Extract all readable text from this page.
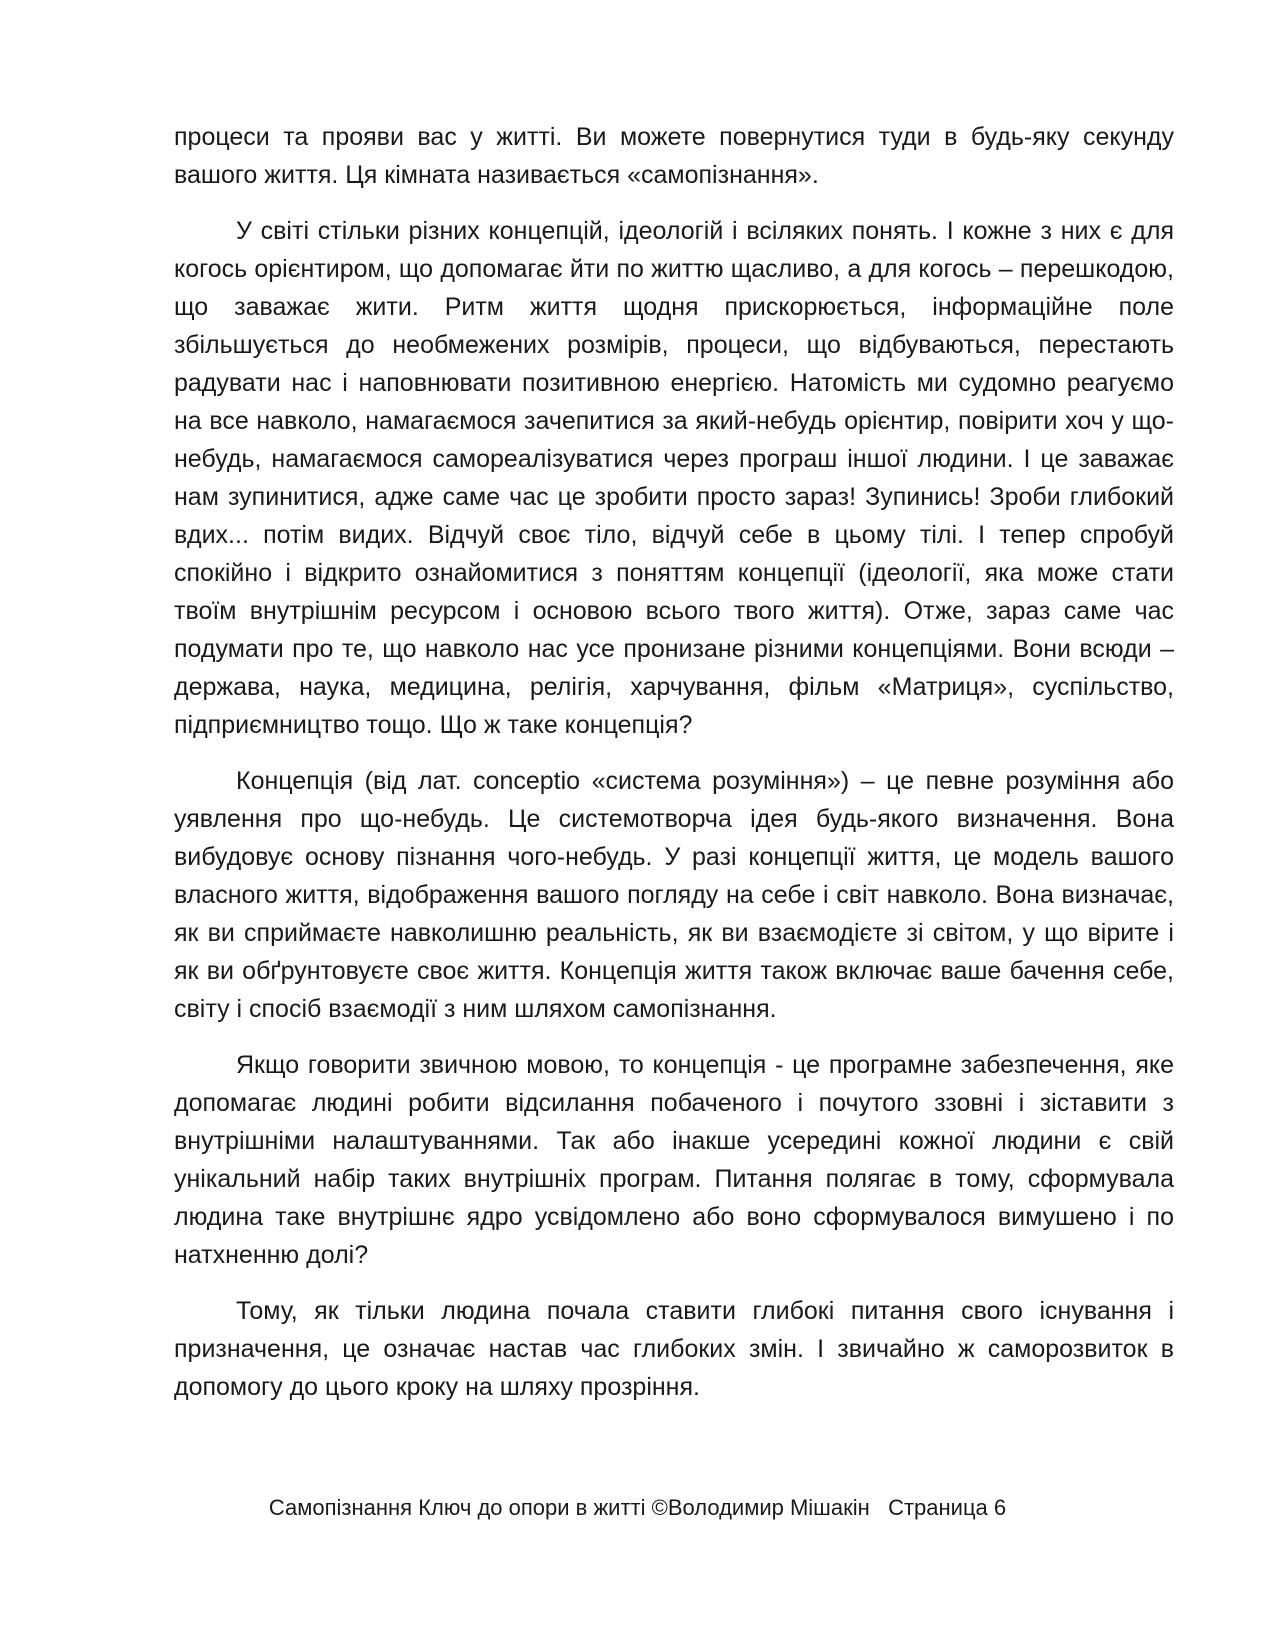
процеси та прояви вас у житті. Ви можете повернутися туди в будь-яку секунду вашого життя. Ця кімната називається «самопізнання».

У світі стільки різних концепцій, ідеологій і всіляких понять. І кожне з них є для когось орієнтиром, що допомагає йти по життю щасливо, а для когось – перешкодою, що заважає жити. Ритм життя щодня прискорюється, інформаційне поле збільшується до необмежених розмірів, процеси, що відбуваються, перестають радувати нас і наповнювати позитивною енергією. Натомість ми судомно реагуємо на все навколо, намагаємося зачепитися за який-небудь орієнтир, повірити хоч у що-небудь, намагаємося самореалізуватися через програш іншої людини. І це заважає нам зупинитися, адже саме час це зробити просто зараз! Зупинись! Зроби глибокий вдих... потім видих. Відчуй своє тіло, відчуй себе в цьому тілі. І тепер спробуй спокійно і відкрито ознайомитися з поняттям концепції (ідеології, яка може стати твоїм внутрішнім ресурсом і основою всього твого життя). Отже, зараз саме час подумати про те, що навколо нас усе пронизане різними концепціями. Вони всюди – держава, наука, медицина, релігія, харчування, фільм «Матриця», суспільство, підприємництво тощо. Що ж таке концепція?

Концепція (від лат. conceptio «система розуміння») – це певне розуміння або уявлення про що-небудь. Це системотворча ідея будь-якого визначення. Вона вибудовує основу пізнання чого-небудь. У разі концепції життя, це модель вашого власного життя, відображення вашого погляду на себе і світ навколо. Вона визначає, як ви сприймаєте навколишню реальність, як ви взаємодієте зі світом, у що вірите і як ви обґрунтовуєте своє життя. Концепція життя також включає ваше бачення себе, світу і спосіб взаємодії з ним шляхом самопізнання.

Якщо говорити звичною мовою, то концепція - це програмне забезпечення, яке допомагає людині робити відсилання побаченого і почутого ззовні і зіставити з внутрішніми налаштуваннями. Так або інакше усередині кожної людини є свій унікальний набір таких внутрішніх програм. Питання полягає в тому, сформувала людина таке внутрішнє ядро усвідомлено або воно сформувалося вимушено і по натхненню долі?

Тому, як тільки людина почала ставити глибокі питання свого існування і призначення, це означає настав час глибоких змін. І звичайно ж саморозвиток в допомогу до цього кроку на шляху прозріння.

Самопізнання Ключ до опори в житті ©Володимир Мішакін   Страница 6
